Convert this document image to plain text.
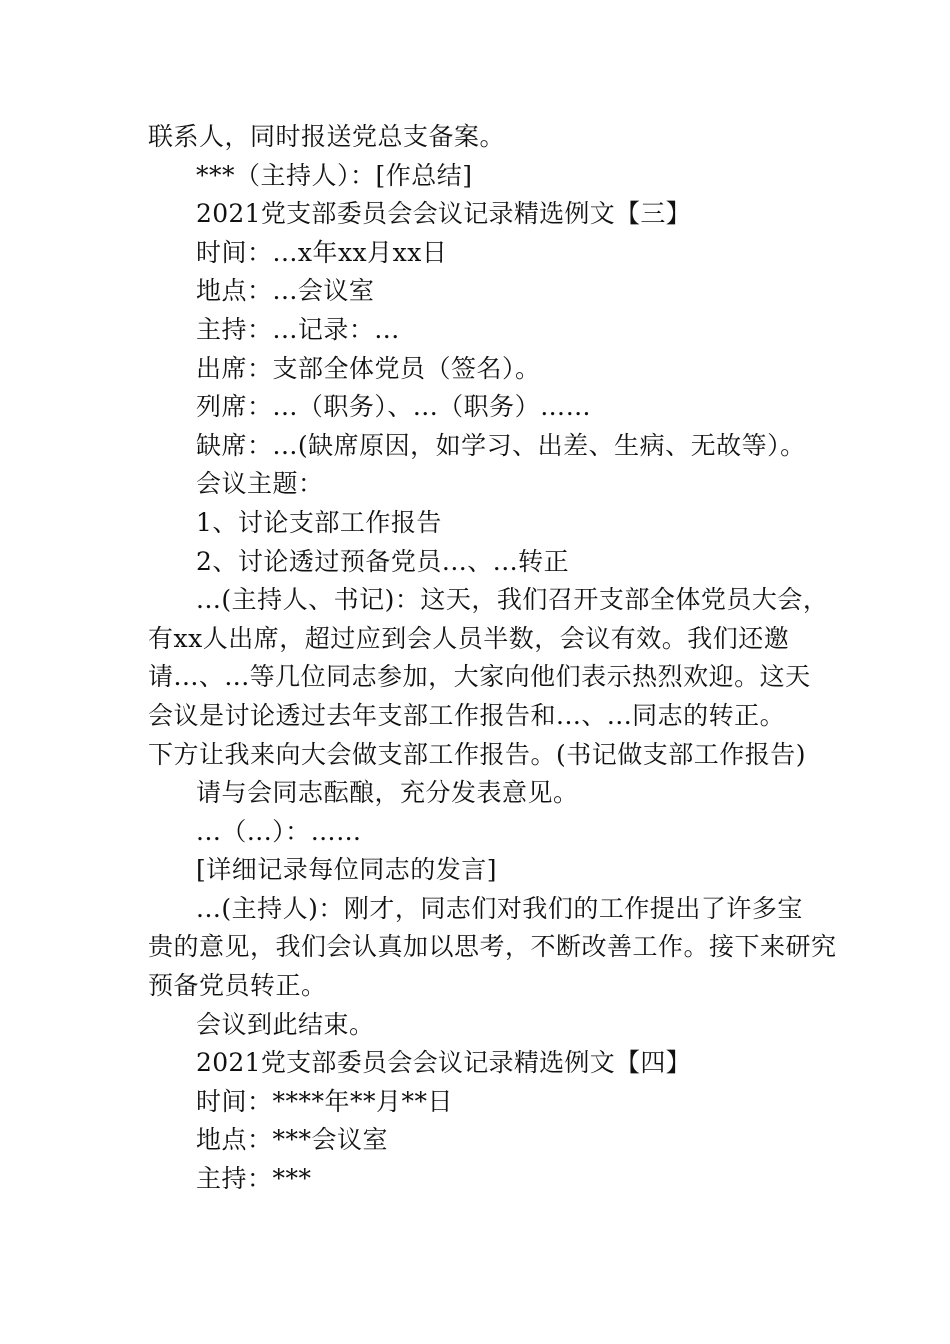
联系人，同时报送党总支备案。
***（主持人）：[作总结]
2021党支部委员会会议记录精选例文【三】
时间：...x年xx月xx日
地点：...会议室
主持：...记录：...
出席：支部全体党员（签名）。
列席：...（职务）、...（职务）……
缺席：...(缺席原因，如学习、出差、生病、无故等）。
会议主题：
1、讨论支部工作报告
2、讨论透过预备党员...、...转正
...(主持人、书记)：这天，我们召开支部全体党员大会，
有xx人出席，超过应到会人员半数，会议有效。我们还邀
请...、...等几位同志参加，大家向他们表示热烈欢迎。这天
会议是讨论透过去年支部工作报告和...、...同志的转正。
下方让我来向大会做支部工作报告。(书记做支部工作报告)
请与会同志酝酿，充分发表意见。
...（...）：……
[详细记录每位同志的发言]
...(主持人)：刚才，同志们对我们的工作提出了许多宝
贵的意见，我们会认真加以思考，不断改善工作。接下来研究
预备党员转正。
会议到此结束。
2021党支部委员会会议记录精选例文【四】
时间：****年**月**日
地点：***会议室
主持：***
